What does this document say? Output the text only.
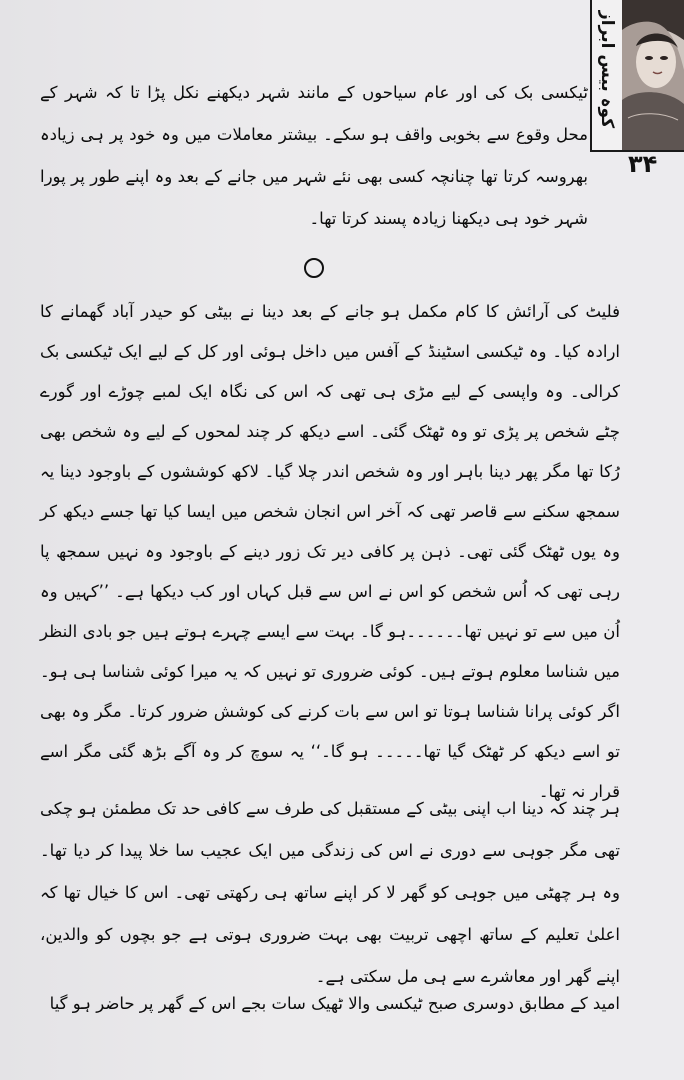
کوہ بیس ابراز
۳۴

ٹیکسی بک کی اور عام سیاحوں کے مانند شہر دیکھنے نکل پڑا تا کہ شہر کے محل وقوع سے بخوبی واقف ہو سکے۔ بیشتر معاملات میں وہ خود پر ہی زیادہ بھروسہ کرتا تھا چنانچہ کسی بھی نئے شہر میں جانے کے بعد وہ اپنے طور پر پورا شہر خود ہی دیکھنا زیادہ پسند کرتا تھا۔

فلیٹ کی آرائش کا کام مکمل ہو جانے کے بعد دینا نے بیٹی کو حیدر آباد گھمانے کا ارادہ کیا۔ وہ ٹیکسی اسٹینڈ کے آفس میں داخل ہوئی اور کل کے لیے ایک ٹیکسی بک کرالی۔ وہ واپسی کے لیے مڑی ہی تھی کہ اس کی نگاہ ایک لمبے چوڑے اور گورے چٹے شخص پر پڑی تو وہ ٹھٹک گئی۔ اسے دیکھ کر چند لمحوں کے لیے وہ شخص بھی رُکا تھا مگر پھر دینا باہر اور وہ شخص اندر چلا گیا۔ لاکھ کوششوں کے باوجود دینا یہ سمجھ سکنے سے قاصر تھی کہ آخر اس انجان شخص میں ایسا کیا تھا جسے دیکھ کر وہ یوں ٹھٹک گئی تھی۔ ذہن پر کافی دیر تک زور دینے کے باوجود وہ نہیں سمجھ پا رہی تھی کہ اُس شخص کو اس نے اس سے قبل کہاں اور کب دیکھا ہے۔ ’’کہیں وہ اُن میں سے تو نہیں تھا۔۔۔۔۔۔ہو گا۔ بہت سے ایسے چہرے ہوتے ہیں جو بادی النظر میں شناسا معلوم ہوتے ہیں۔ کوئی ضروری تو نہیں کہ یہ میرا کوئی شناسا ہی ہو۔ اگر کوئی پرانا شناسا ہوتا تو اس سے بات کرنے کی کوشش ضرور کرتا۔ مگر وہ بھی تو اسے دیکھ کر ٹھٹک گیا تھا۔۔۔۔۔ ہو گا۔‘‘ یہ سوچ کر وہ آگے بڑھ گئی مگر اسے قرار نہ تھا۔

ہر چند کہ دینا اب اپنی بیٹی کے مستقبل کی طرف سے کافی حد تک مطمئن ہو چکی تھی مگر جوہی سے دوری نے اس کی زندگی میں ایک عجیب سا خلا پیدا کر دیا تھا۔ وہ ہر چھٹی میں جوہی کو گھر لا کر اپنے ساتھ ہی رکھتی تھی۔ اس کا خیال تھا کہ اعلیٰ تعلیم کے ساتھ اچھی تربیت بھی بہت ضروری ہوتی ہے جو بچوں کو والدین، اپنے گھر اور معاشرے سے ہی مل سکتی ہے۔

امید کے مطابق دوسری صبح ٹیکسی والا ٹھیک سات بجے اس کے گھر پر حاضر ہو گیا
